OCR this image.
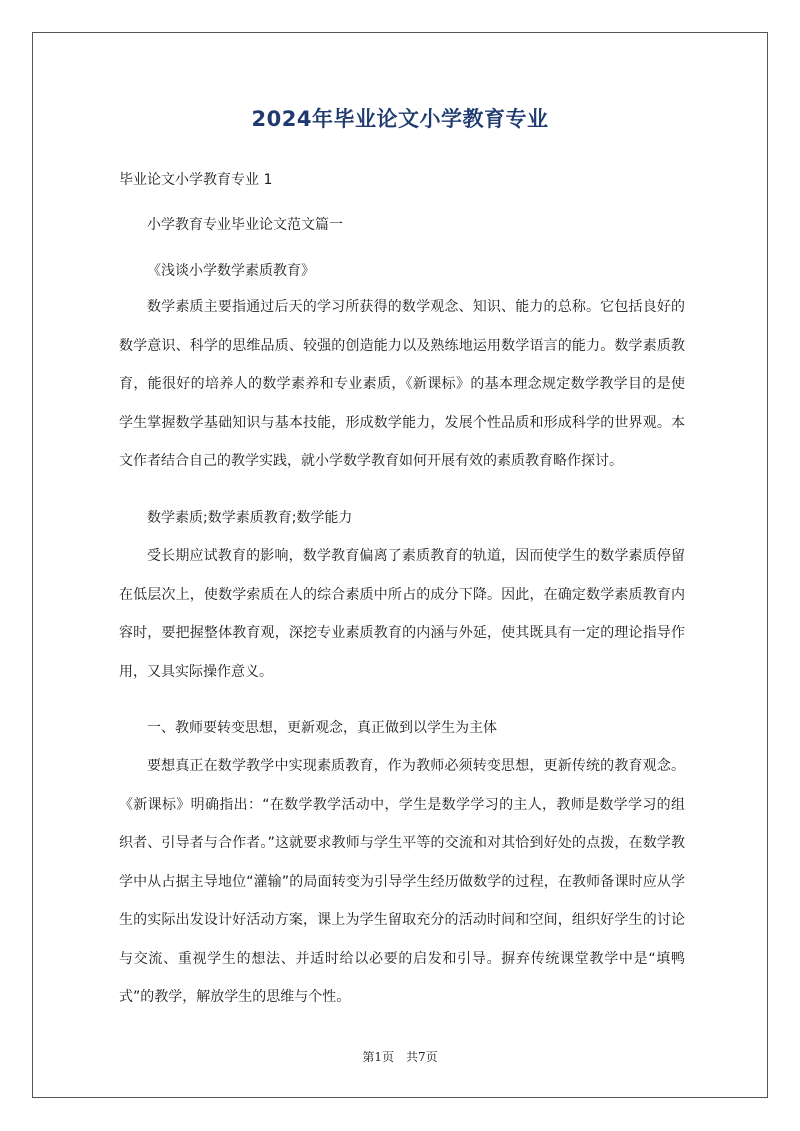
2024年毕业论文小学教育专业
毕业论文小学教育专业 1
小学教育专业毕业论文范文篇一
《浅谈小学数学素质教育》
数学素质主要指通过后天的学习所获得的数学观念、知识、能力的总称。它包括良好的数学意识、科学的思维品质、较强的创造能力以及熟练地运用数学语言的能力。数学素质教育，能很好的培养人的数学素养和专业素质，《新课标》的基本理念规定数学教学目的是使学生掌握数学基础知识与基本技能，形成数学能力，发展个性品质和形成科学的世界观。本文作者结合自己的教学实践，就小学数学教育如何开展有效的素质教育略作探讨。
数学素质;数学素质教育;数学能力
受长期应试教育的影响，数学教育偏离了素质教育的轨道，因而使学生的数学素质停留在低层次上，使数学索质在人的综合素质中所占的成分下降。因此，在确定数学素质教育内容时，要把握整体教育观，深挖专业素质教育的内涵与外延，使其既具有一定的理论指导作用，又具实际操作意义。
一、教师要转变思想，更新观念，真正做到以学生为主体
要想真正在数学教学中实现素质教育，作为教师必须转变思想，更新传统的教育观念。《新课标》明确指出：“在数学教学活动中，学生是数学学习的主人，教师是数学学习的组织者、引导者与合作者。”这就要求教师与学生平等的交流和对其恰到好处的点拨，在数学教学中从占据主导地位“灌输”的局面转变为引导学生经历做数学的过程，在教师备课时应从学生的实际出发设计好活动方案，课上为学生留取充分的活动时间和空间，组织好学生的讨论与交流、重视学生的想法、并适时给以必要的启发和引导。摒弃传统课堂教学中是“填鸭式”的教学，解放学生的思维与个性。
第1页　共7页
